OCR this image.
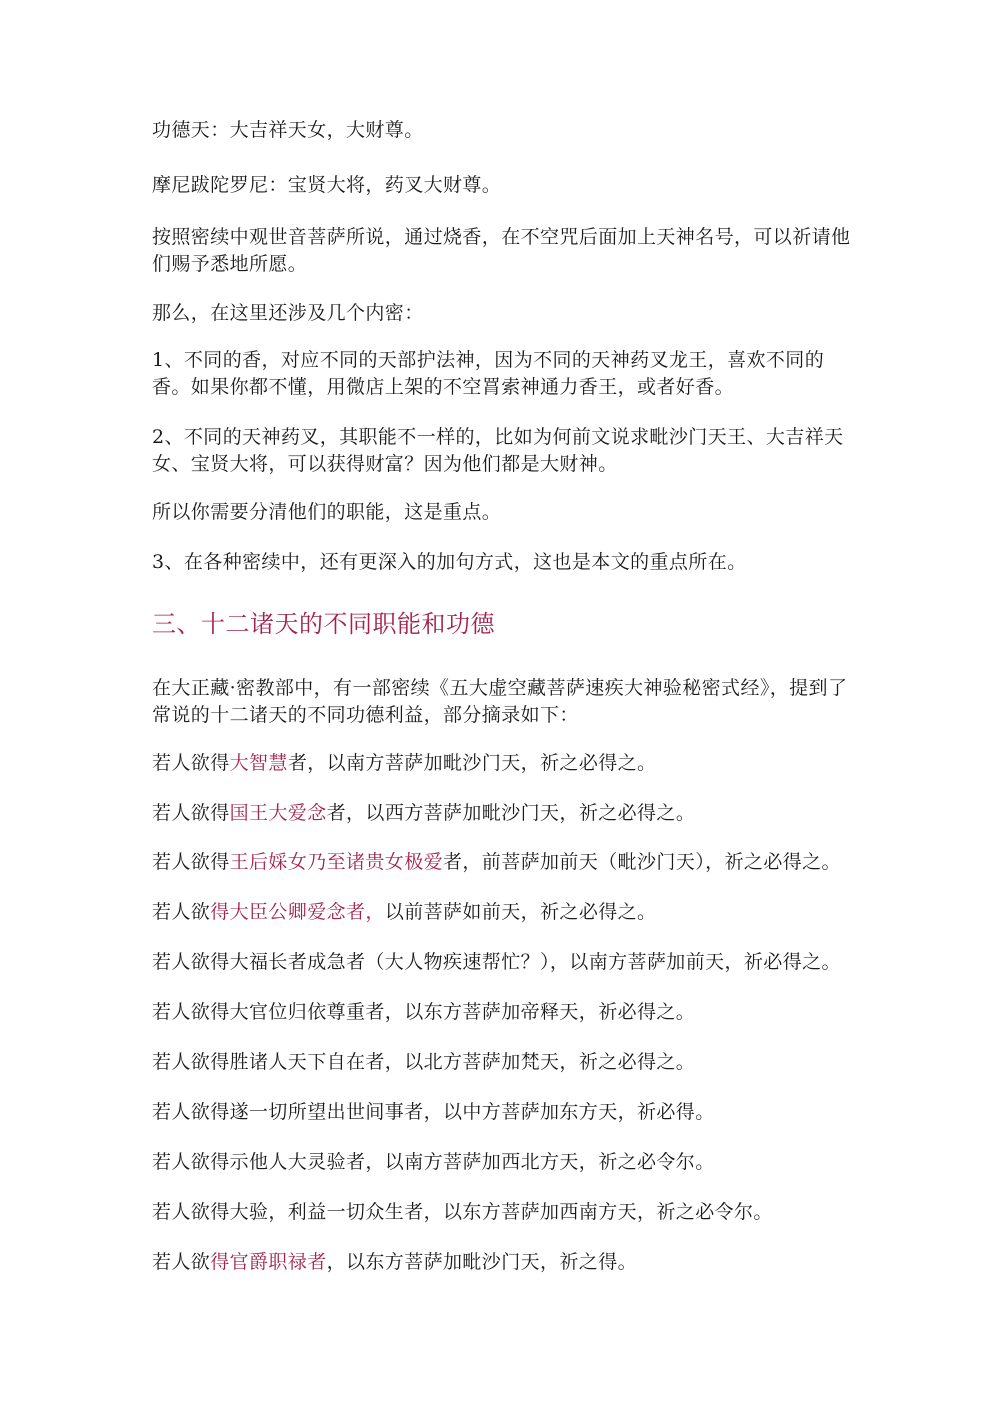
功德天：大吉祥天女，大财尊。

摩尼跋陀罗尼：宝贤大将，药叉大财尊。

按照密续中观世音菩萨所说，通过烧香，在不空咒后面加上天神名号，可以祈请他们赐予悉地所愿。

那么，在这里还涉及几个内密：

1、不同的香，对应不同的天部护法神，因为不同的天神药叉龙王，喜欢不同的香。如果你都不懂，用微店上架的不空罥索神通力香王，或者好香。

2、不同的天神药叉，其职能不一样的，比如为何前文说求毗沙门天王、大吉祥天女、宝贤大将，可以获得财富？因为他们都是大财神。

所以你需要分清他们的职能，这是重点。

3、在各种密续中，还有更深入的加句方式，这也是本文的重点所在。

三、十二诸天的不同职能和功德

在大正藏·密教部中，有一部密续《五大虚空藏菩萨速疾大神验秘密式经》，提到了常说的十二诸天的不同功德利益，部分摘录如下：

若人欲得大智慧者，以南方菩萨加毗沙门天，祈之必得之。

若人欲得国王大爱念者，以西方菩萨加毗沙门天，祈之必得之。

若人欲得王后婇女乃至诸贵女极爱者，前菩萨加前天（毗沙门天），祈之必得之。

若人欲得大臣公卿爱念者，以前菩萨如前天，祈之必得之。

若人欲得大福长者成急者（大人物疾速帮忙？），以南方菩萨加前天，祈必得之。

若人欲得大官位归依尊重者，以东方菩萨加帝释天，祈必得之。

若人欲得胜诸人天下自在者，以北方菩萨加梵天，祈之必得之。

若人欲得遂一切所望出世间事者，以中方菩萨加东方天，祈必得。

若人欲得示他人大灵验者，以南方菩萨加西北方天，祈之必令尔。

若人欲得大验，利益一切众生者，以东方菩萨加西南方天，祈之必令尔。

若人欲得官爵职禄者，以东方菩萨加毗沙门天，祈之得。
